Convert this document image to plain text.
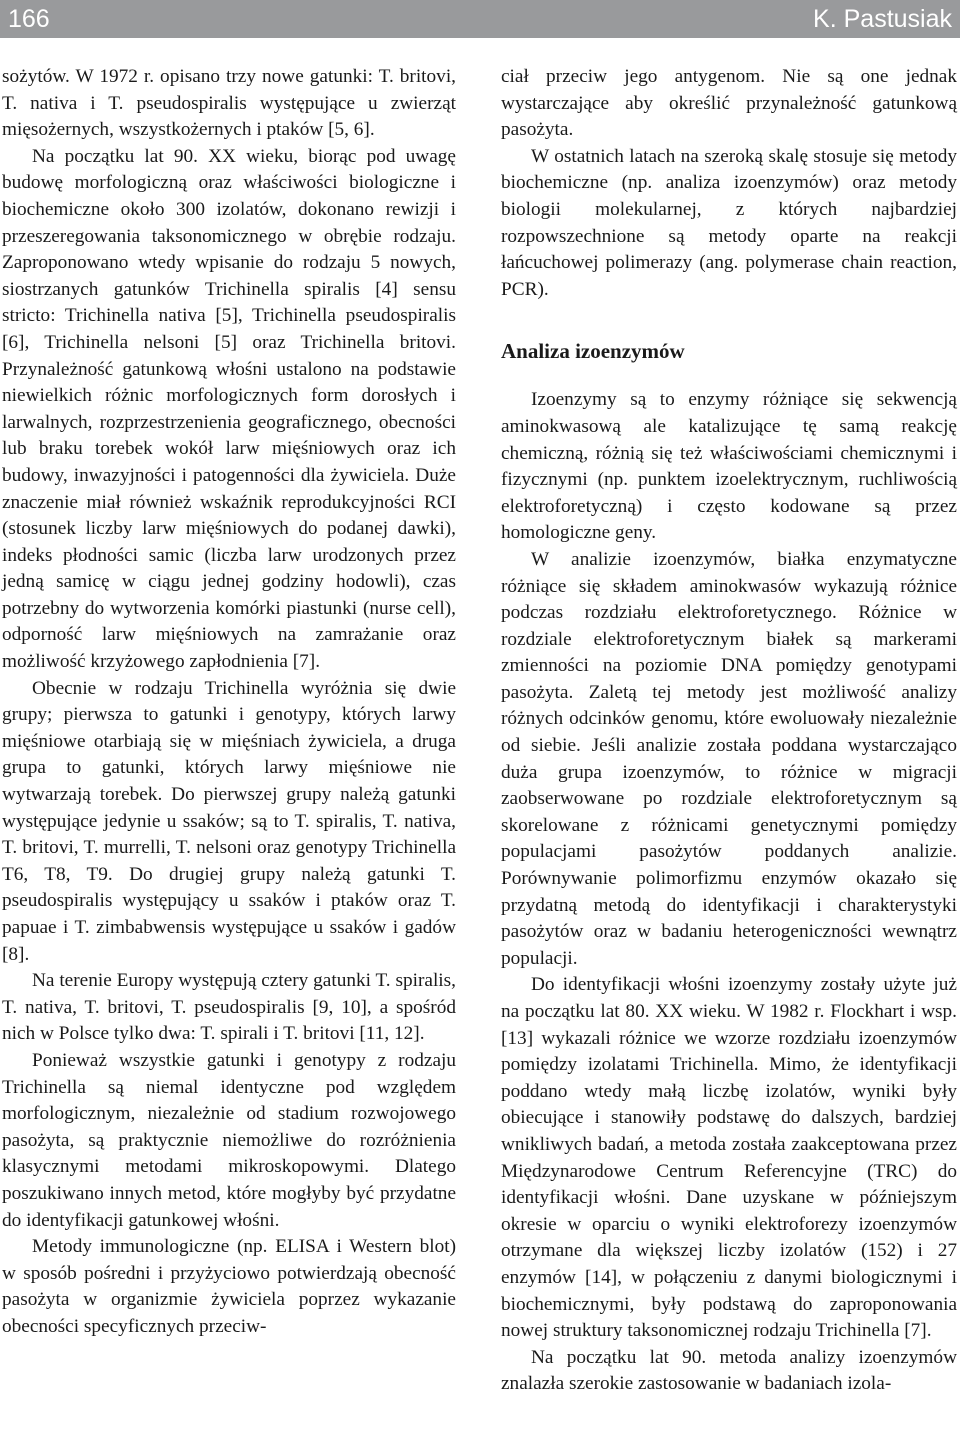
166	K. Pastusiak

sożytów. W 1972 r. opisano trzy nowe gatunki: T. britovi, T. nativa i T. pseudospiralis występujące u zwierząt mięsożernych, wszystkożernych i ptaków [5, 6].

Na początku lat 90. XX wieku, biorąc pod uwagę budowę morfologiczną oraz właściwości biologiczne i biochemiczne około 300 izolatów, dokonano rewizji i przeszeregowania taksonomicznego w obrębie rodzaju. Zaproponowano wtedy wpisanie do rodzaju 5 nowych, siostrzanych gatunków Trichinella spiralis [4] sensu stricto: Trichinella nativa [5], Trichinella pseudospiralis [6], Trichinella nelsoni [5] oraz Trichinella britovi. Przynależność gatunkową włośni ustalono na podstawie niewielkich różnic morfologicznych form dorosłych i larwalnych, rozprzestrzenienia geograficznego, obecności lub braku torebek wokół larw mięśniowych oraz ich budowy, inwazyjności i patogenności dla żywiciela. Duże znaczenie miał również wskaźnik reprodukcyjności RCI (stosunek liczby larw mięśniowych do podanej dawki), indeks płodności samic (liczba larw urodzonych przez jedną samicę w ciągu jednej godziny hodowli), czas potrzebny do wytworzenia komórki piastunki (nurse cell), odporność larw mięśniowych na zamrażanie oraz możliwość krzyżowego zapłodnienia [7].

Obecnie w rodzaju Trichinella wyróżnia się dwie grupy; pierwsza to gatunki i genotypy, których larwy mięśniowe otarbiają się w mięśniach żywiciela, a druga grupa to gatunki, których larwy mięśniowe nie wytwarzają torebek. Do pierwszej grupy należą gatunki występujące jedynie u ssaków; są to T. spiralis, T. nativa, T. britovi, T. murrelli, T. nelsoni oraz genotypy Trichinella T6, T8, T9. Do drugiej grupy należą gatunki T. pseudospiralis występujący u ssaków i ptaków oraz T. papuae i T. zimbabwensis występujące u ssaków i gadów [8].

Na terenie Europy występują cztery gatunki T. spiralis, T. nativa, T. britovi, T. pseudospiralis [9, 10], a spośród nich w Polsce tylko dwa: T. spirali i T. britovi [11, 12].

Ponieważ wszystkie gatunki i genotypy z rodzaju Trichinella są niemal identyczne pod względem morfologicznym, niezależnie od stadium rozwojowego pasożyta, są praktycznie niemożliwe do rozróżnienia klasycznymi metodami mikroskopowymi. Dlatego poszukiwano innych metod, które mogłyby być przydatne do identyfikacji gatunkowej włośni.

Metody immunologiczne (np. ELISA i Western blot) w sposób pośredni i przyżyciowo potwierdzają obecność pasożyta w organizmie żywiciela poprzez wykazanie obecności specyficznych przeciw-

ciał przeciw jego antygenom. Nie są one jednak wystarczające aby określić przynależność gatunkową pasożyta.

W ostatnich latach na szeroką skalę stosuje się metody biochemiczne (np. analiza izoenzymów) oraz metody biologii molekularnej, z których najbardziej rozpowszechnione są metody oparte na reakcji łańcuchowej polimerazy (ang. polymerase chain reaction, PCR).

Analiza izoenzymów

Izoenzymy są to enzymy różniące się sekwencją aminokwasową ale katalizujące tę samą reakcję chemiczną, różnią się też właściwościami chemicznymi i fizycznymi (np. punktem izoelektrycznym, ruchliwością elektroforetyczną) i często kodowane są przez homologiczne geny.

W analizie izoenzymów, białka enzymatyczne różniące się składem aminokwasów wykazują różnice podczas rozdziału elektroforetycznego. Różnice w rozdziale elektroforetycznym białek są markerami zmienności na poziomie DNA pomiędzy genotypami pasożyta. Zaletą tej metody jest możliwość analizy różnych odcinków genomu, które ewoluowały niezależnie od siebie. Jeśli analizie została poddana wystarczająco duża grupa izoenzymów, to różnice w migracji zaobserwowane po rozdziale elektroforetycznym są skorelowane z różnicami genetycznymi pomiędzy populacjami pasożytów poddanych analizie. Porównywanie polimorfizmu enzymów okazało się przydatną metodą do identyfikacji i charakterystyki pasożytów oraz w badaniu heterogeniczności wewnątrz populacji.

Do identyfikacji włośni izoenzymy zostały użyte już na początku lat 80. XX wieku. W 1982 r. Flockhart i wsp. [13] wykazali różnice we wzorze rozdziału izoenzymów pomiędzy izolatami Trichinella. Mimo, że identyfikacji poddano wtedy małą liczbę izolatów, wyniki były obiecujące i stanowiły podstawę do dalszych, bardziej wnikliwych badań, a metoda została zaakceptowana przez Międzynarodowe Centrum Referencyjne (TRC) do identyfikacji włośni. Dane uzyskane w późniejszym okresie w oparciu o wyniki elektroforezy izoenzymów otrzymane dla większej liczby izolatów (152) i 27 enzymów [14], w połączeniu z danymi biologicznymi i biochemicznymi, były podstawą do zaproponowania nowej struktury taksonomicznej rodzaju Trichinella [7].

Na początku lat 90. metoda analizy izoenzymów znalazła szerokie zastosowanie w badaniach izola-
